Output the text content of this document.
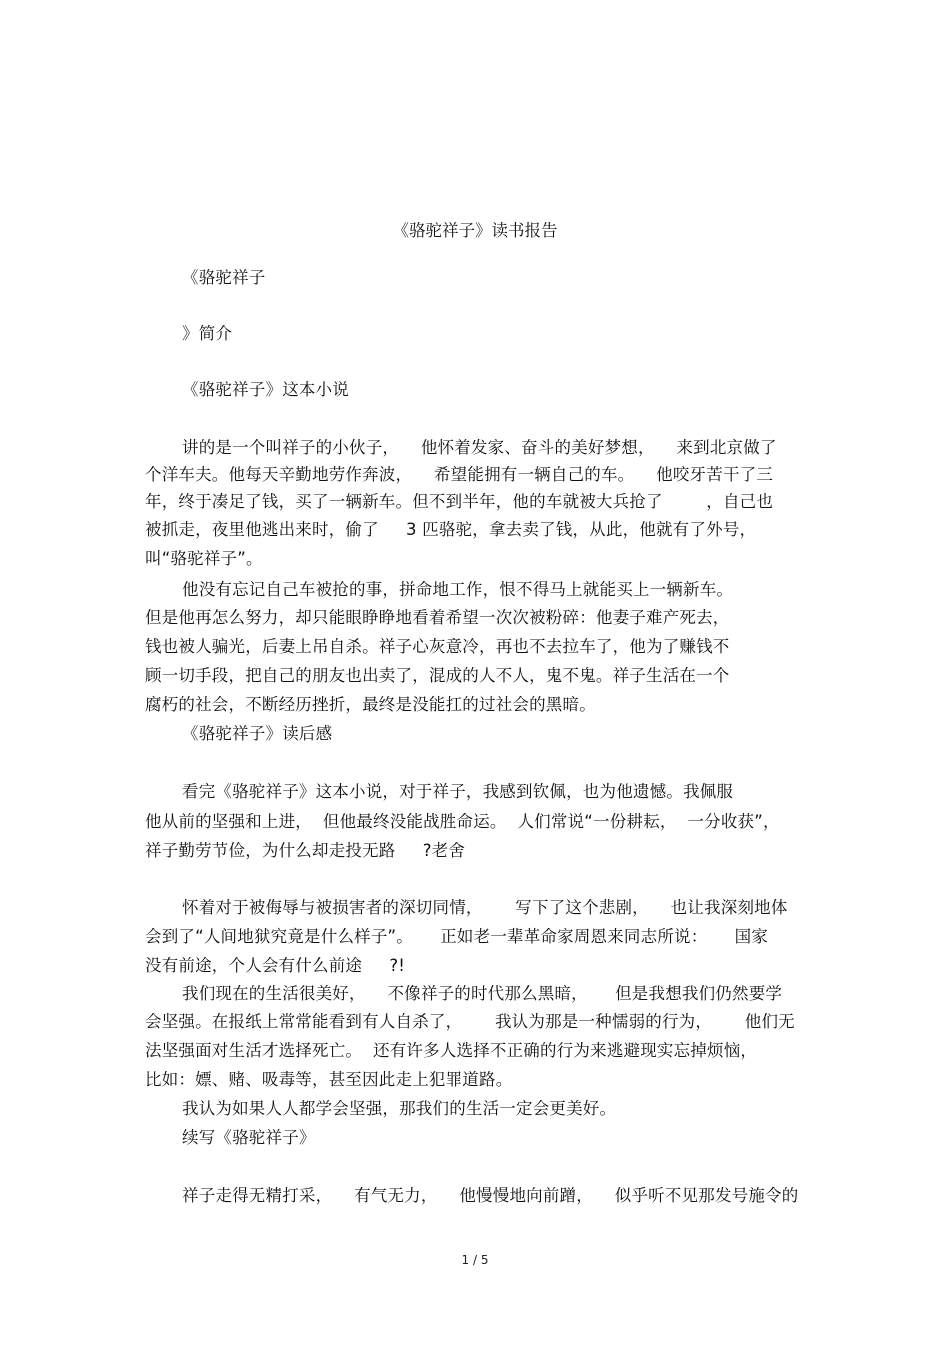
《骆驼祥子》读书报告
《骆驼祥子
》简介
《骆驼祥子》这本小说
讲的是一个叫祥子的小伙子，    他怀着发家、奋斗的美好梦想，    来到北京做了
个洋车夫。他每天辛勤地劳作奔波，    希望能拥有一辆自己的车。    他咬牙苦干了三
年，终于凑足了钱，买了一辆新车。但不到半年，他的车就被大兵抢了        ，自己也
被抓走，夜里他逃出来时，偷了     3 匹骆驼，拿去卖了钱，从此，他就有了外号，
叫“骆驼祥子”。
他没有忘记自己车被抢的事，拼命地工作，恨不得马上就能买上一辆新车。
但是他再怎么努力，却只能眼睁睁地看着希望一次次被粉碎：他妻子难产死去，
钱也被人骗光，后妻上吊自杀。祥子心灰意冷，再也不去拉车了，他为了赚钱不
顾一切手段，把自己的朋友也出卖了，混成的人不人，鬼不鬼。祥子生活在一个
腐朽的社会，不断经历挫折，最终是没能扛的过社会的黑暗。
《骆驼祥子》读后感
看完《骆驼祥子》这本小说，对于祥子，我感到钦佩，也为他遗憾。我佩服
他从前的坚强和上进，  但他最终没能战胜命运。  人们常说“一份耕耘，  一分收获”，
祥子勤劳节俭，为什么却走投无路     ?老舍
怀着对于被侮辱与被损害者的深切同情，      写下了这个悲剧，    也让我深刻地体
会到了“人间地狱究竟是什么样子”。     正如老一辈革命家周恩来同志所说：     国家
没有前途，个人会有什么前途     ?!
我们现在的生活很美好，    不像祥子的时代那么黑暗，     但是我想我们仍然要学
会坚强。在报纸上常常能看到有人自杀了，      我认为那是一种懦弱的行为，      他们无
法坚强面对生活才选择死亡。  还有许多人选择不正确的行为来逃避现实忘掉烦恼，
比如：嫖、赌、吸毒等，甚至因此走上犯罪道路。
我认为如果人人都学会坚强，那我们的生活一定会更美好。
续写《骆驼祥子》
祥子走得无精打采，    有气无力，    他慢慢地向前蹭，    似乎听不见那发号施令的
1 / 5
